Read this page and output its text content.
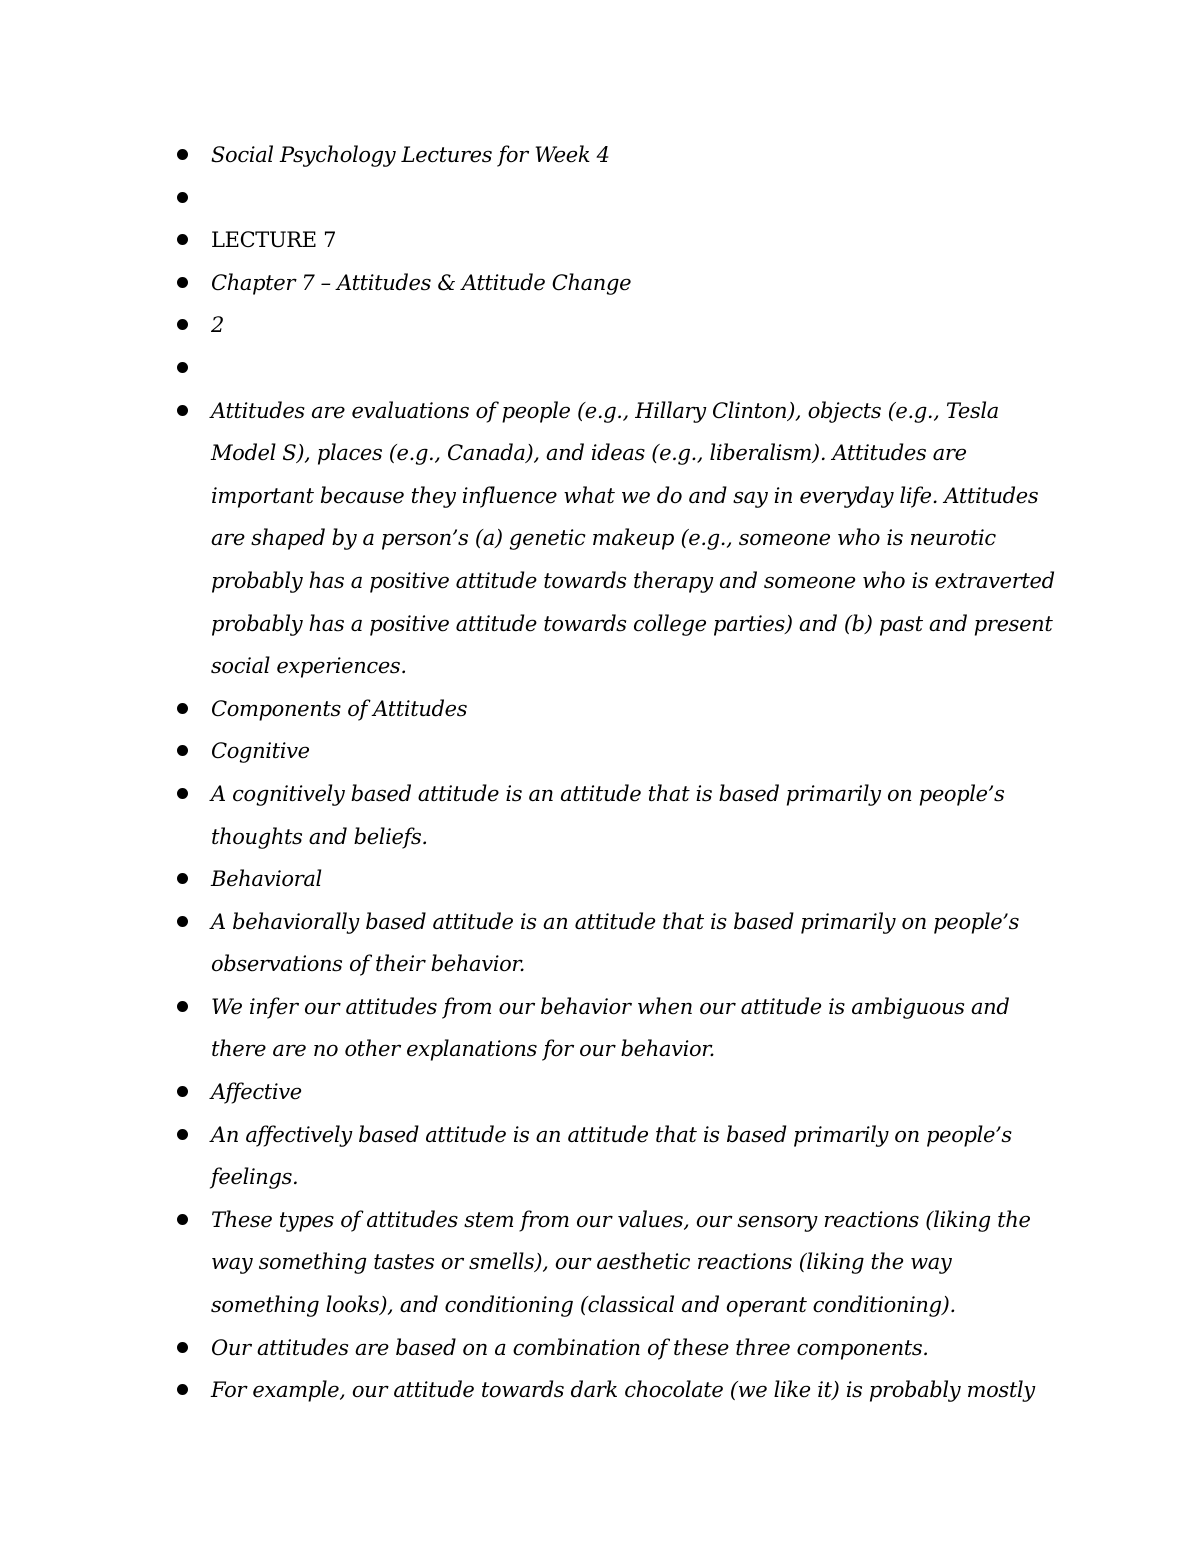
Social Psychology Lectures for Week 4
LECTURE 7
Chapter 7 – Attitudes & Attitude Change
2
Attitudes are evaluations of people (e.g., Hillary Clinton), objects (e.g., Tesla Model S), places (e.g., Canada), and ideas (e.g., liberalism). Attitudes are important because they influence what we do and say in everyday life. Attitudes are shaped by a person’s (a) genetic makeup (e.g., someone who is neurotic probably has a positive attitude towards therapy and someone who is extraverted probably has a positive attitude towards college parties) and (b) past and present social experiences.
Components of Attitudes
Cognitive
A cognitively based attitude is an attitude that is based primarily on people’s thoughts and beliefs.
Behavioral
A behaviorally based attitude is an attitude that is based primarily on people’s observations of their behavior.
We infer our attitudes from our behavior when our attitude is ambiguous and there are no other explanations for our behavior.
Affective
An affectively based attitude is an attitude that is based primarily on people’s feelings.
These types of attitudes stem from our values, our sensory reactions (liking the way something tastes or smells), our aesthetic reactions (liking the way something looks), and conditioning (classical and operant conditioning).
Our attitudes are based on a combination of these three components.
For example, our attitude towards dark chocolate (we like it) is probably mostly
